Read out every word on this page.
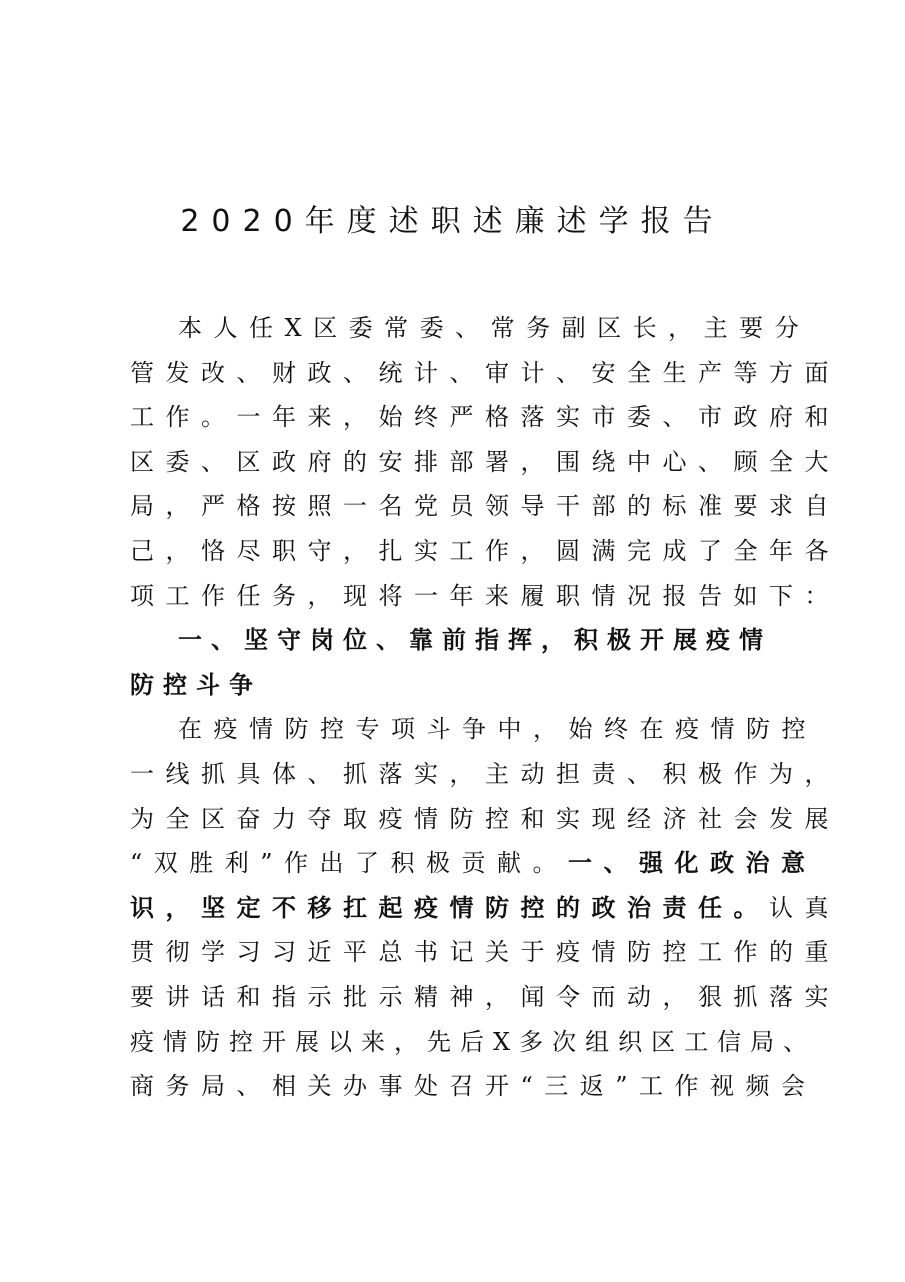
2020年度述职述廉述学报告
本人任X区委常委、常务副区长，主要分
管发改、财政、统计、审计、安全生产等方面
工作。一年来，始终严格落实市委、市政府和
区委、区政府的安排部署，围绕中心、顾全大
局，严格按照一名党员领导干部的标准要求自
己，恪尽职守，扎实工作，圆满完成了全年各
项工作任务，现将一年来履职情况报告如下：
一、坚守岗位、靠前指挥，积极开展疫情
防控斗争
在疫情防控专项斗争中，始终在疫情防控
一线抓具体、抓落实，主动担责、积极作为，
为全区奋力夺取疫情防控和实现经济社会发展
“双胜利”作出了积极贡献。一、强化政治意
识，坚定不移扛起疫情防控的政治责任。认真
贯彻学习习近平总书记关于疫情防控工作的重
要讲话和指示批示精神，闻令而动，狠抓落实
疫情防控开展以来，先后X多次组织区工信局、
商务局、相关办事处召开“三返”工作视频会
